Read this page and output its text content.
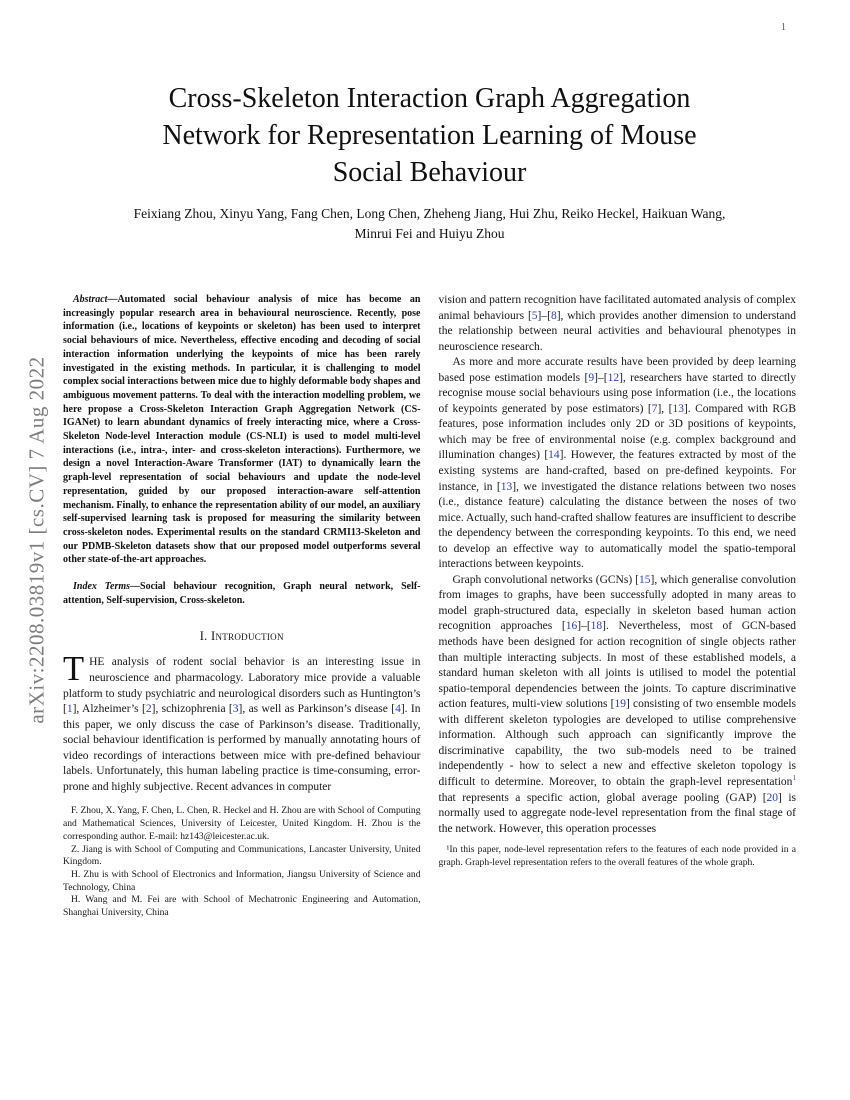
1
arXiv:2208.03819v1 [cs.CV] 7 Aug 2022
Cross-Skeleton Interaction Graph Aggregation
Network for Representation Learning of Mouse
Social Behaviour
Feixiang Zhou, Xinyu Yang, Fang Chen, Long Chen, Zheheng Jiang, Hui Zhu, Reiko Heckel, Haikuan Wang,
Minrui Fei and Huiyu Zhou

Abstract—Automated social behaviour analysis of mice has become an increasingly popular research area in behavioural neuroscience. Recently, pose information (i.e., locations of keypoints or skeleton) has been used to interpret social behaviours of mice. Nevertheless, effective encoding and decoding of social interaction information underlying the keypoints of mice has been rarely investigated in the existing methods. In particular, it is challenging to model complex social interactions between mice due to highly deformable body shapes and ambiguous movement patterns. To deal with the interaction modelling problem, we here propose a Cross-Skeleton Interaction Graph Aggregation Network (CS-IGANet) to learn abundant dynamics of freely interacting mice, where a Cross-Skeleton Node-level Interaction module (CS-NLI) is used to model multi-level interactions (i.e., intra-, inter- and cross-skeleton interactions). Furthermore, we design a novel Interaction-Aware Transformer (IAT) to dynamically learn the graph-level representation of social behaviours and update the node-level representation, guided by our proposed interaction-aware self-attention mechanism. Finally, to enhance the representation ability of our model, an auxiliary self-supervised learning task is proposed for measuring the similarity between cross-skeleton nodes. Experimental results on the standard CRMI13-Skeleton and our PDMB-Skeleton datasets show that our proposed model outperforms several other state-of-the-art approaches.

Index Terms—Social behaviour recognition, Graph neural network, Self-attention, Self-supervision, Cross-skeleton.

I. Introduction

THE analysis of rodent social behavior is an interesting issue in neuroscience and pharmacology. Laboratory mice provide a valuable platform to study psychiatric and neurological disorders such as Huntington’s [1], Alzheimer’s [2], schizophrenia [3], as well as Parkinson’s disease [4]. In this paper, we only discuss the case of Parkinson’s disease. Traditionally, social behaviour identification is performed by manually annotating hours of video recordings of interactions between mice with pre-defined behaviour labels. Unfortunately, this human labeling practice is time-consuming, error-prone and highly subjective. Recent advances in computer

F. Zhou, X. Yang, F. Chen, L. Chen, R. Heckel and H. Zhou are with School of Computing and Mathematical Sciences, University of Leicester, United Kingdom. H. Zhou is the corresponding author. E-mail: hz143@leicester.ac.uk.

Z. Jiang is with School of Computing and Communications, Lancaster University, United Kingdom.

H. Zhu is with School of Electronics and Information, Jiangsu University of Science and Technology, China

H. Wang and M. Fei are with School of Mechatronic Engineering and Automation, Shanghai University, China

vision and pattern recognition have facilitated automated analysis of complex animal behaviours [5]–[8], which provides another dimension to understand the relationship between neural activities and behavioural phenotypes in neuroscience research.

As more and more accurate results have been provided by deep learning based pose estimation models [9]–[12], researchers have started to directly recognise mouse social behaviours using pose information (i.e., the locations of keypoints generated by pose estimators) [7], [13]. Compared with RGB features, pose information includes only 2D or 3D positions of keypoints, which may be free of environmental noise (e.g. complex background and illumination changes) [14]. However, the features extracted by most of the existing systems are hand-crafted, based on pre-defined keypoints. For instance, in [13], we investigated the distance relations between two noses (i.e., distance feature) calculating the distance between the noses of two mice. Actually, such hand-crafted shallow features are insufficient to describe the dependency between the corresponding keypoints. To this end, we need to develop an effective way to automatically model the spatio-temporal interactions between keypoints.

Graph convolutional networks (GCNs) [15], which generalise convolution from images to graphs, have been successfully adopted in many areas to model graph-structured data, especially in skeleton based human action recognition approaches [16]–[18]. Nevertheless, most of GCN-based methods have been designed for action recognition of single objects rather than multiple interacting subjects. In most of these established models, a standard human skeleton with all joints is utilised to model the potential spatio-temporal dependencies between the joints. To capture discriminative action features, multi-view solutions [19] consisting of two ensemble models with different skeleton typologies are developed to utilise comprehensive information. Although such approach can significantly improve the discriminative capability, the two sub-models need to be trained independently - how to select a new and effective skeleton topology is difficult to determine. Moreover, to obtain the graph-level representation$^1$ that represents a specific action, global average pooling (GAP) [20] is normally used to aggregate node-level representation from the final stage of the network. However, this operation processes

¹In this paper, node-level representation refers to the features of each node provided in a graph. Graph-level representation refers to the overall features of the whole graph.
